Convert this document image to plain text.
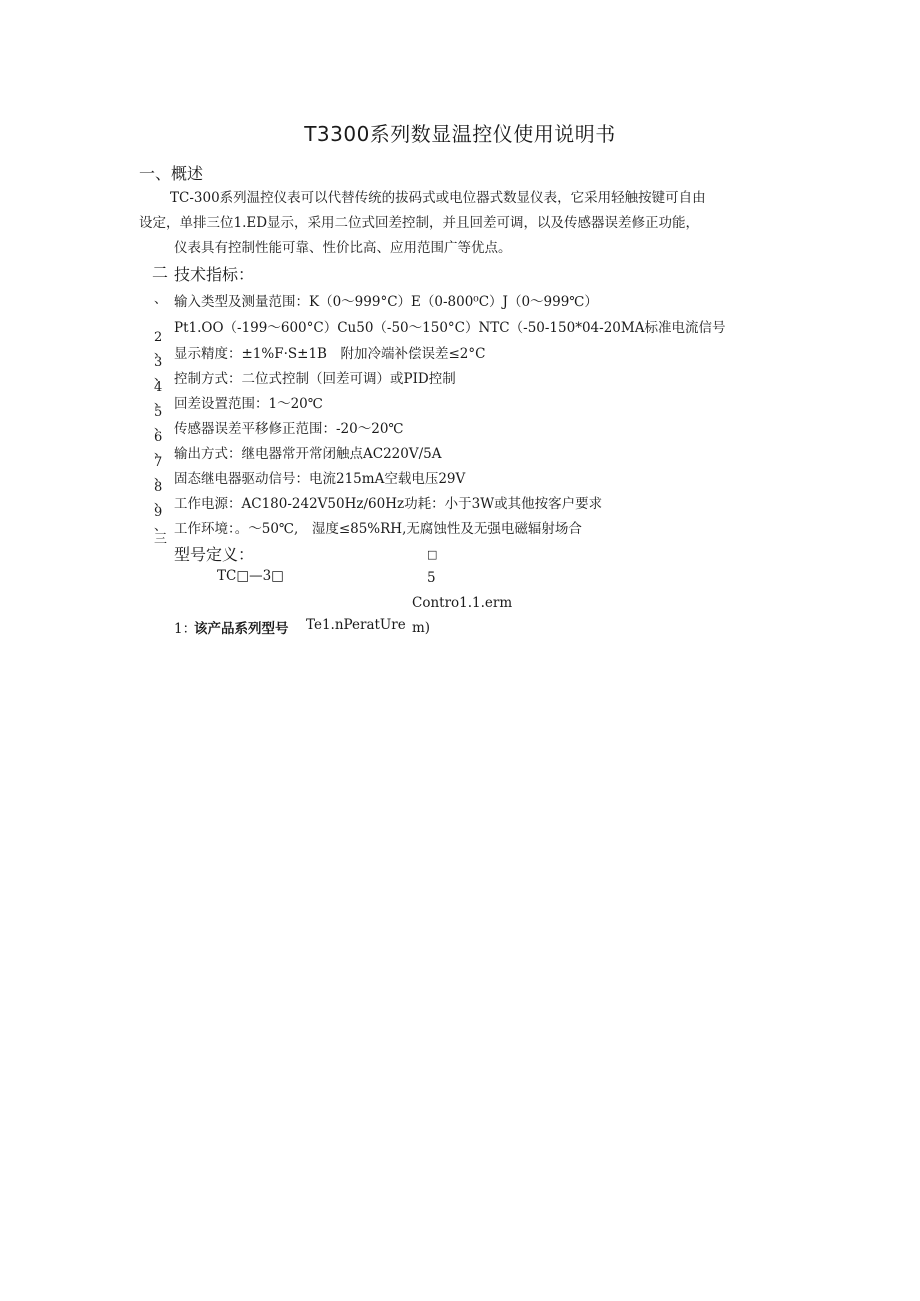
T3300系列数显温控仪使用说明书
一、概述
TC-300系列温控仪表可以代替传统的拔码式或电位器式数显仪表，它采用轻触按键可自由
设定，单排三位1.ED显示，采用二位式回差控制，并且回差可调，以及传感器误差修正功能，
仪表具有控制性能可靠、性价比高、应用范围广等优点。
二 技术指标：
、 输入类型及测量范围：K（0～999°C）E（0-800⁰C）J（0～999℃）
Pt1.OO（-199～600°C）Cu50（-50～150°C）NTC（-50-150*04-20MA标准电流信号
2
、 显示精度：±1%F·S±1B　附加冷端补偿误差≤2°C
3
、 控制方式：二位式控制（回差可调）或PID控制
4
、 回差设置范围：1～20℃
5
、 传感器误差平移修正范围：-20～20℃
6
、 输出方式：继电器常开常闭触点AC220V/5A
7
、 固态继电器驱动信号：电流215mA空载电压29V
8
、 工作电源：AC180-242V50Hz∕60Hz功耗：小于3W或其他按客户要求
9
、 工作环境：。～50℃,　湿度≤85%RH,无腐蚀性及无强电磁辐射场合
三
型号定义：	□
TC□—3□	5
Contro1.1.erm
1：
该产品系列型号 Te1.nPeratUre m)
